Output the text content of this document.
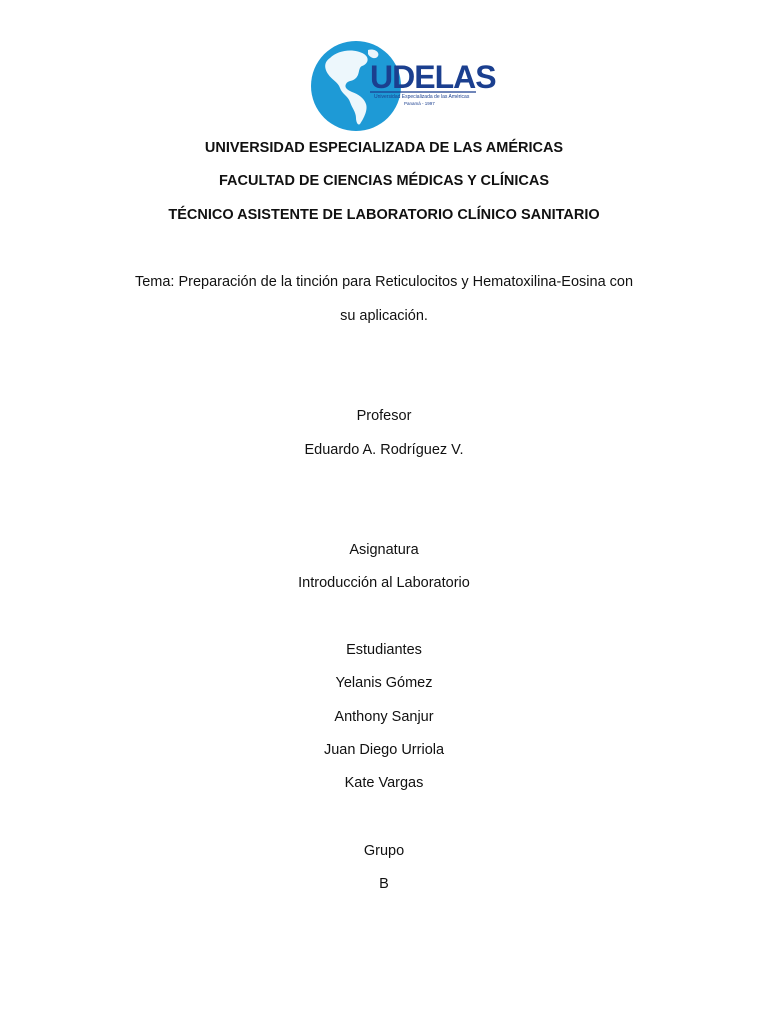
UDELAS
Universidad Especializada de las Américas
Panamá - 1997
UNIVERSIDAD ESPECIALIZADA DE LAS AMÉRICAS
FACULTAD DE CIENCIAS MÉDICAS Y CLÍNICAS
TÉCNICO ASISTENTE DE LABORATORIO CLÍNICO SANITARIO
Tema: Preparación de la tinción para Reticulocitos y Hematoxilina-Eosina con
su aplicación.
Profesor
Eduardo A. Rodríguez V.
Asignatura
Introducción al Laboratorio
Estudiantes
Yelanis Gómez
Anthony Sanjur
Juan Diego Urriola
Kate Vargas
Grupo
B
